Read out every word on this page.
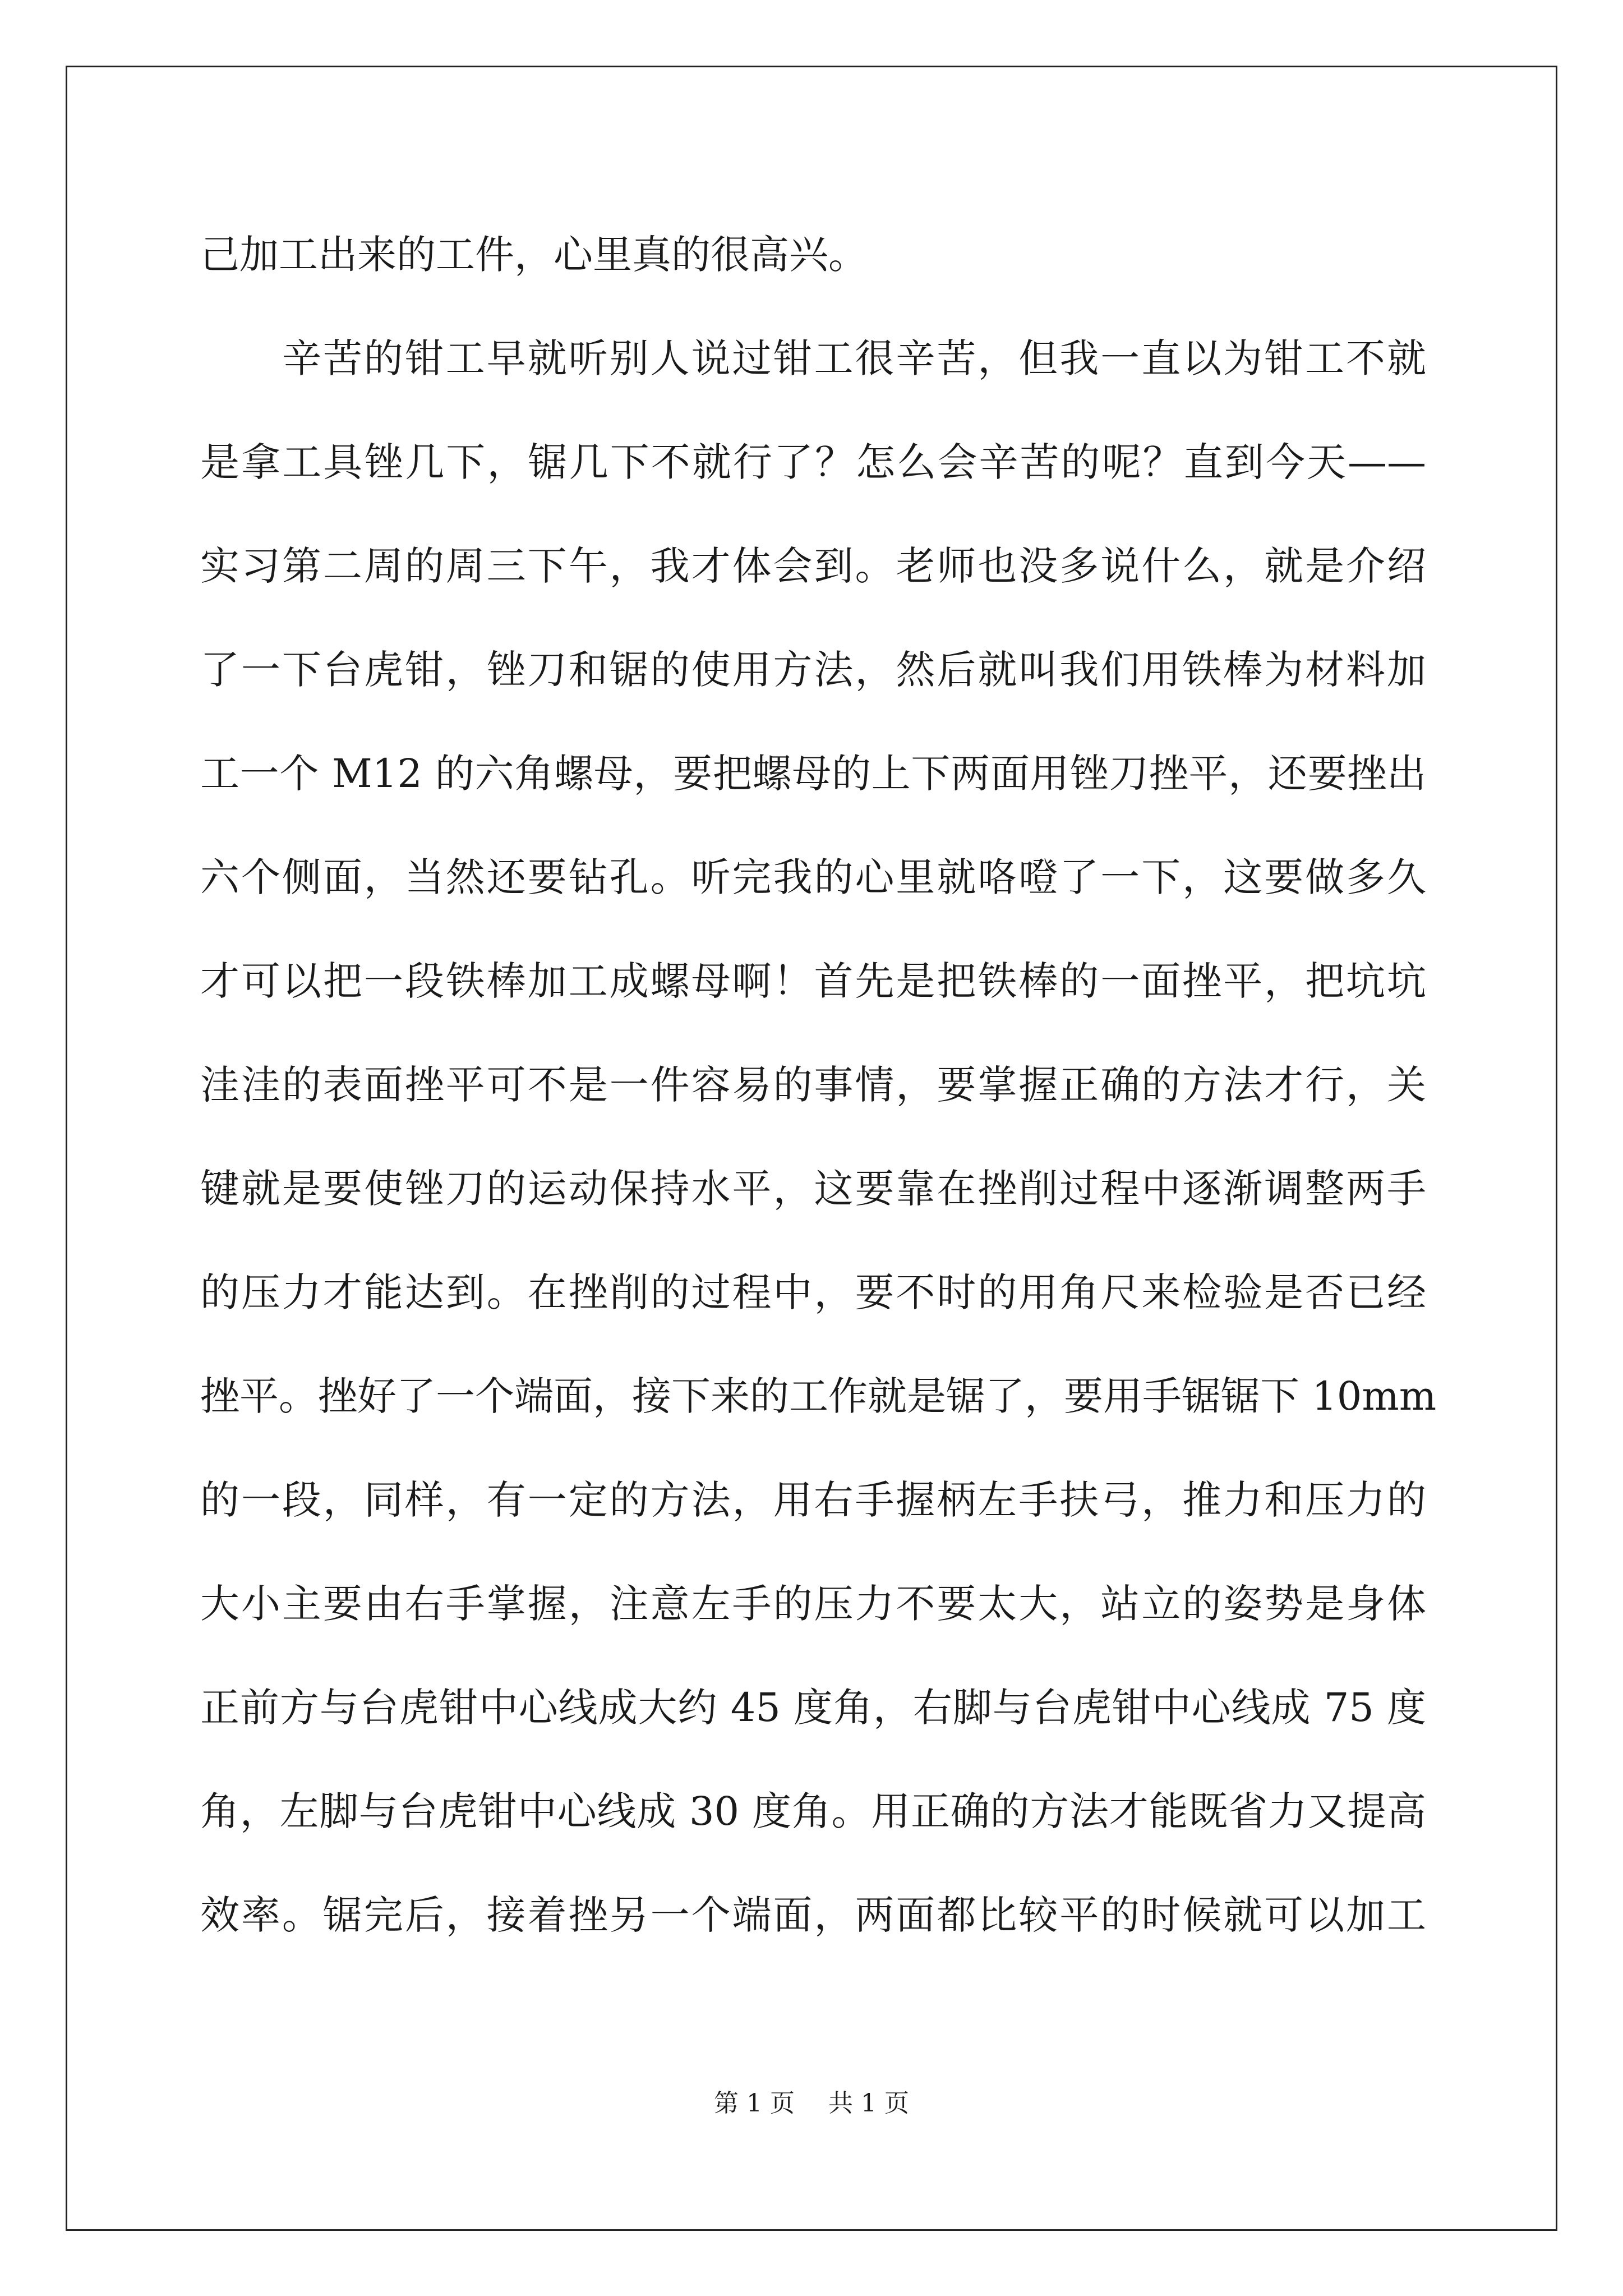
己加工出来的工件，心里真的很高兴。
　　辛苦的钳工早就听别人说过钳工很辛苦，但我一直以为钳工不就
是拿工具锉几下，锯几下不就行了？怎么会辛苦的呢？直到今天——
实习第二周的周三下午，我才体会到。老师也没多说什么，就是介绍
了一下台虎钳，锉刀和锯的使用方法，然后就叫我们用铁棒为材料加
工一个 M12 的六角螺母，要把螺母的上下两面用锉刀挫平，还要挫出
六个侧面，当然还要钻孔。听完我的心里就咯噔了一下，这要做多久
才可以把一段铁棒加工成螺母啊！首先是把铁棒的一面挫平，把坑坑
洼洼的表面挫平可不是一件容易的事情，要掌握正确的方法才行，关
键就是要使锉刀的运动保持水平，这要靠在挫削过程中逐渐调整两手
的压力才能达到。在挫削的过程中，要不时的用角尺来检验是否已经
挫平。挫好了一个端面，接下来的工作就是锯了，要用手锯锯下 10mm
的一段，同样，有一定的方法，用右手握柄左手扶弓，推力和压力的
大小主要由右手掌握，注意左手的压力不要太大，站立的姿势是身体
正前方与台虎钳中心线成大约 45 度角，右脚与台虎钳中心线成 75 度
角，左脚与台虎钳中心线成 30 度角。用正确的方法才能既省力又提高
效率。锯完后，接着挫另一个端面，两面都比较平的时候就可以加工
第 1 页 共 1 页
